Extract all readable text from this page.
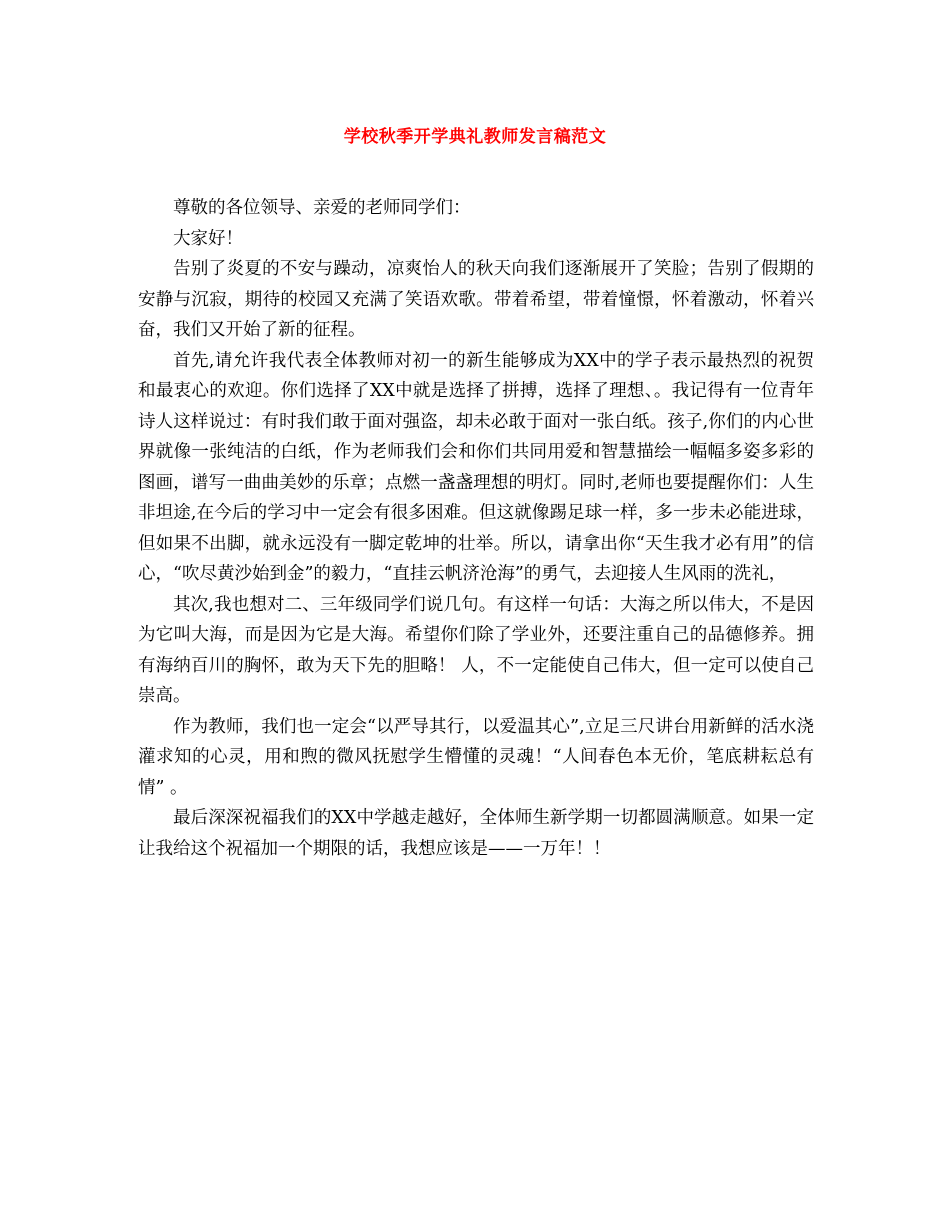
学校秋季开学典礼教师发言稿范文

尊敬的各位领导、亲爱的老师同学们：

大家好！

告别了炎夏的不安与躁动，凉爽怡人的秋天向我们逐渐展开了笑脸；告别了假期的安静与沉寂，期待的校园又充满了笑语欢歌。带着希望，带着憧憬，怀着激动，怀着兴奋，我们又开始了新的征程。

首先,请允许我代表全体教师对初一的新生能够成为XX中的学子表示最热烈的祝贺和最衷心的欢迎。你们选择了XX中就是选择了拼搏，选择了理想、。我记得有一位青年诗人这样说过：有时我们敢于面对强盗，却未必敢于面对一张白纸。孩子,你们的内心世界就像一张纯洁的白纸，作为老师我们会和你们共同用爱和智慧描绘一幅幅多姿多彩的图画，谱写一曲曲美妙的乐章；点燃一盏盏理想的明灯。同时,老师也要提醒你们：人生非坦途,在今后的学习中一定会有很多困难。但这就像踢足球一样，多一步未必能进球，但如果不出脚，就永远没有一脚定乾坤的壮举。所以，请拿出你“天生我才必有用”的信心，“吹尽黄沙始到金”的毅力，“直挂云帆济沧海”的勇气，去迎接人生风雨的洗礼，

其次,我也想对二、三年级同学们说几句。有这样一句话：大海之所以伟大，不是因为它叫大海，而是因为它是大海。希望你们除了学业外，还要注重自己的品德修养。拥有海纳百川的胸怀，敢为天下先的胆略！ 人，不一定能使自己伟大，但一定可以使自己崇高。

作为教师，我们也一定会“以严导其行，以爱温其心”,立足三尺讲台用新鲜的活水浇灌求知的心灵，用和煦的微风抚慰学生懵懂的灵魂！“人间春色本无价，笔底耕耘总有情” 。

最后深深祝福我们的XX中学越走越好，全体师生新学期一切都圆满顺意。如果一定让我给这个祝福加一个期限的话，我想应该是——一万年！！
